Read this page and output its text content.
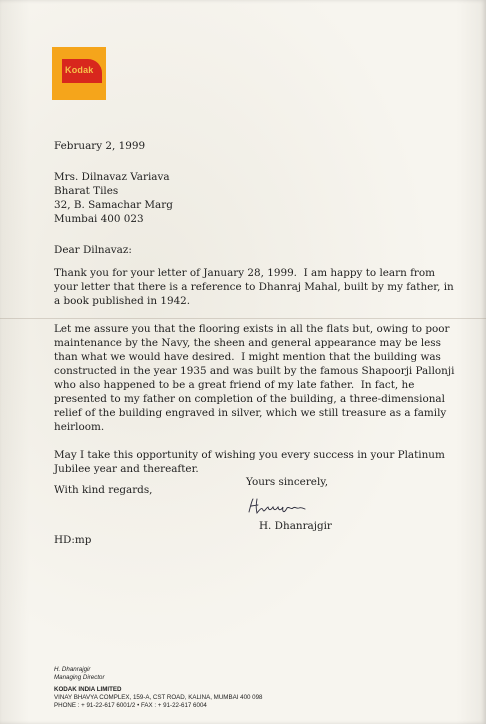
Kodak
February 2, 1999
Mrs. Dilnavaz Variava
Bharat Tiles
32, B. Samachar Marg
Mumbai 400 023
Dear Dilnavaz:
Thank you for your letter of January 28, 1999.  I am happy to learn from
your letter that there is a reference to Dhanraj Mahal, built by my father, in
a book published in 1942.
Let me assure you that the flooring exists in all the flats but, owing to poor
maintenance by the Navy, the sheen and general appearance may be less
than what we would have desired.  I might mention that the building was
constructed in the year 1935 and was built by the famous Shapoorji Pallonji
who also happened to be a great friend of my late father.  In fact, he
presented to my father on completion of the building, a three-dimensional
relief of the building engraved in silver, which we still treasure as a family
heirloom.
May I take this opportunity of wishing you every success in your Platinum
Jubilee year and thereafter.
With kind regards,
Yours sincerely,
H. Dhanrajgir
HD:mp
H. Dhanrajgir
Managing Director
KODAK INDIA LIMITED
VINAY BHAVYA COMPLEX, 159-A, CST ROAD, KALINA, MUMBAI 400 098
PHONE : + 91-22-617 6001/2 • FAX : + 91-22-617 6004
